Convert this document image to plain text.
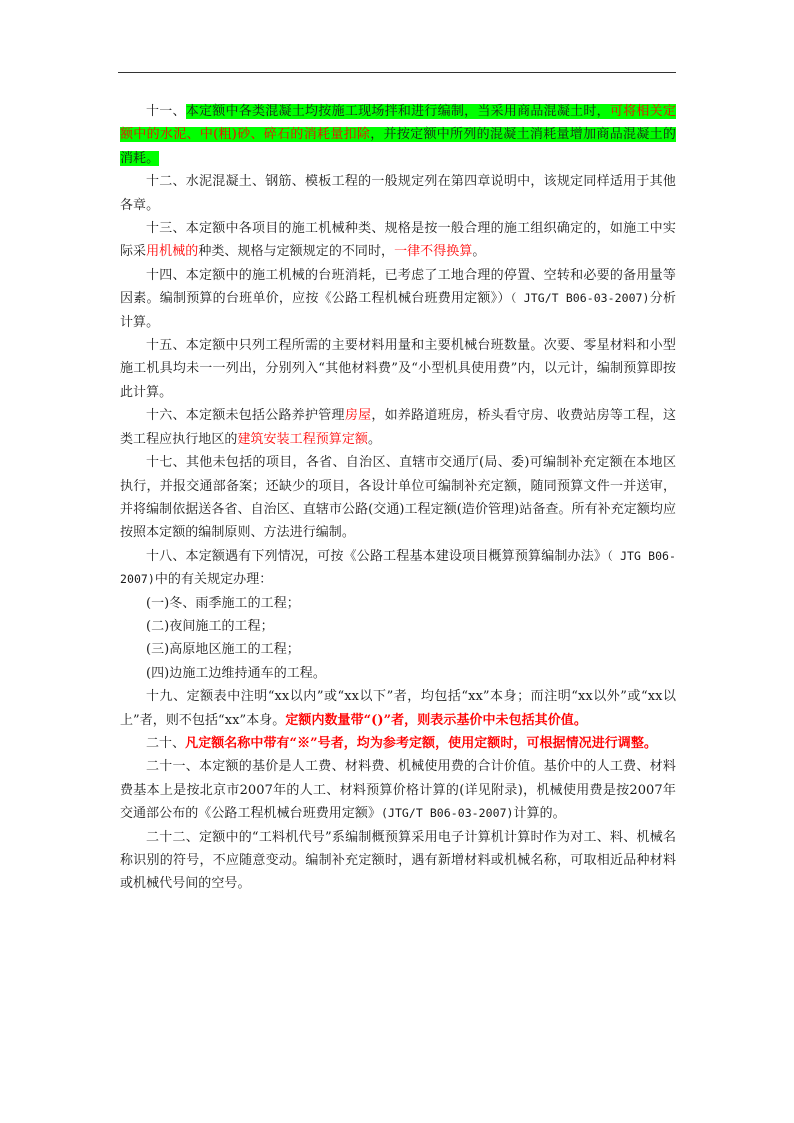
十一、本定额中各类混凝土均按施工现场拌和进行编制，当采用商品混凝土时，可将相关定额中的水泥、中(粗)砂、碎石的消耗量扣除，并按定额中所列的混凝土消耗量增加商品混凝土的消耗。

十二、水泥混凝土、钢筋、模板工程的一般规定列在第四章说明中，该规定同样适用于其他各章。

十三、本定额中各项目的施工机械种类、规格是按一般合理的施工组织确定的，如施工中实际采用机械的种类、规格与定额规定的不同时，一律不得换算。

十四、本定额中的施工机械的台班消耗，已考虑了工地合理的停置、空转和必要的备用量等因素。编制预算的台班单价，应按《公路工程机械台班费用定额》）（ JTG/T B06-03-2007)分析计算。

十五、本定额中只列工程所需的主要材料用量和主要机械台班数量。次要、零星材料和小型施工机具均未一一列出，分别列入“其他材料费”及“小型机具使用费”内，以元计，编制预算即按此计算。

十六、本定额未包括公路养护管理房屋，如养路道班房，桥头看守房、收费站房等工程，这类工程应执行地区的建筑安装工程预算定额。

十七、其他未包括的项目，各省、自治区、直辖市交通厅(局、委)可编制补充定额在本地区执行，并报交通部备案；还缺少的项目，各设计单位可编制补充定额，随同预算文件一并送审，并将编制依据送各省、自治区、直辖市公路(交通)工程定额(造价管理)站备查。所有补充定额均应按照本定额的编制原则、方法进行编制。

十八、本定额遇有下列情况，可按《公路工程基本建设项目概算预算编制办法》（ JTG B06-2007)中的有关规定办理：

(一)冬、雨季施工的工程；

(二)夜间施工的工程；

(三)高原地区施工的工程；

(四)边施工边维持通车的工程。

十九、定额表中注明“xx以内”或“xx以下”者，均包括“xx”本身；而注明“xx以外”或“xx以上”者，则不包括“xx”本身。定额内数量带“()”者，则表示基价中未包括其价值。

二十、凡定额名称中带有“※”号者，均为参考定额，使用定额时，可根据情况进行调整。

二十一、本定额的基价是人工费、材料费、机械使用费的合计价值。基价中的人工费、材料费基本上是按北京市2007年的人工、材料预算价格计算的(详见附录)，机械使用费是按2007年交通部公布的《公路工程机械台班费用定额》(JTG/T B06-03-2007)计算的。

二十二、定额中的“工料机代号”系编制概预算采用电子计算机计算时作为对工、料、机械名称识别的符号，不应随意变动。编制补充定额时，遇有新增材料或机械名称，可取相近品种材料或机械代号间的空号。
